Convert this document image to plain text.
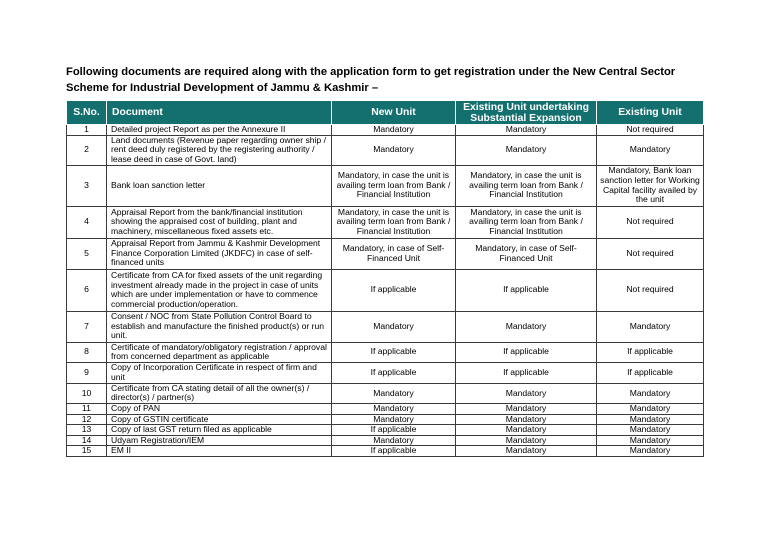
Following documents are required along with the application form to get registration under the New Central Sector Scheme for Industrial Development of Jammu & Kashmir –
S.No.	Document	New Unit	Existing Unit undertaking Substantial Expansion	Existing Unit
1	Detailed project Report as per the Annexure II	Mandatory	Mandatory	Not required
2	Land documents (Revenue paper regarding owner ship / rent deed duly registered by the registering authority / lease deed in case of Govt. land)	Mandatory	Mandatory	Mandatory
3	Bank loan sanction letter	Mandatory, in case the unit is availing term loan from Bank / Financial Institution	Mandatory, in case the unit is availing term loan from Bank / Financial Institution	Mandatory, Bank loan sanction letter for Working Capital facility availed by the unit
4	Appraisal Report from the bank/financial institution showing the appraised cost of building, plant and machinery, miscellaneous fixed assets etc.	Mandatory, in case the unit is availing term loan from Bank / Financial Institution	Mandatory, in case the unit is availing term loan from Bank / Financial Institution	Not required
5	Appraisal Report from Jammu & Kashmir Development Finance Corporation Limited (JKDFC) in case of self-financed units	Mandatory, in case of Self-Financed Unit	Mandatory, in case of Self-Financed Unit	Not required
6	Certificate from CA for fixed assets of the unit regarding investment already made in the project in case of units which are under implementation or have to commence commercial production/operation.	If applicable	If applicable	Not required
7	Consent / NOC from State Pollution Control Board to establish and manufacture the finished product(s) or run unit.	Mandatory	Mandatory	Mandatory
8	Certificate of mandatory/obligatory registration / approval from concerned department as applicable	If applicable	If applicable	If applicable
9	Copy of Incorporation Certificate in respect of firm and unit	If applicable	If applicable	If applicable
10	Certificate from CA stating detail of all the owner(s) / director(s) / partner(s)	Mandatory	Mandatory	Mandatory
11	Copy of PAN	Mandatory	Mandatory	Mandatory
12	Copy of GSTIN certificate	Mandatory	Mandatory	Mandatory
13	Copy of last GST return filed as applicable	If applicable	Mandatory	Mandatory
14	Udyam Registration/IEM	Mandatory	Mandatory	Mandatory
15	EM II	If applicable	Mandatory	Mandatory
